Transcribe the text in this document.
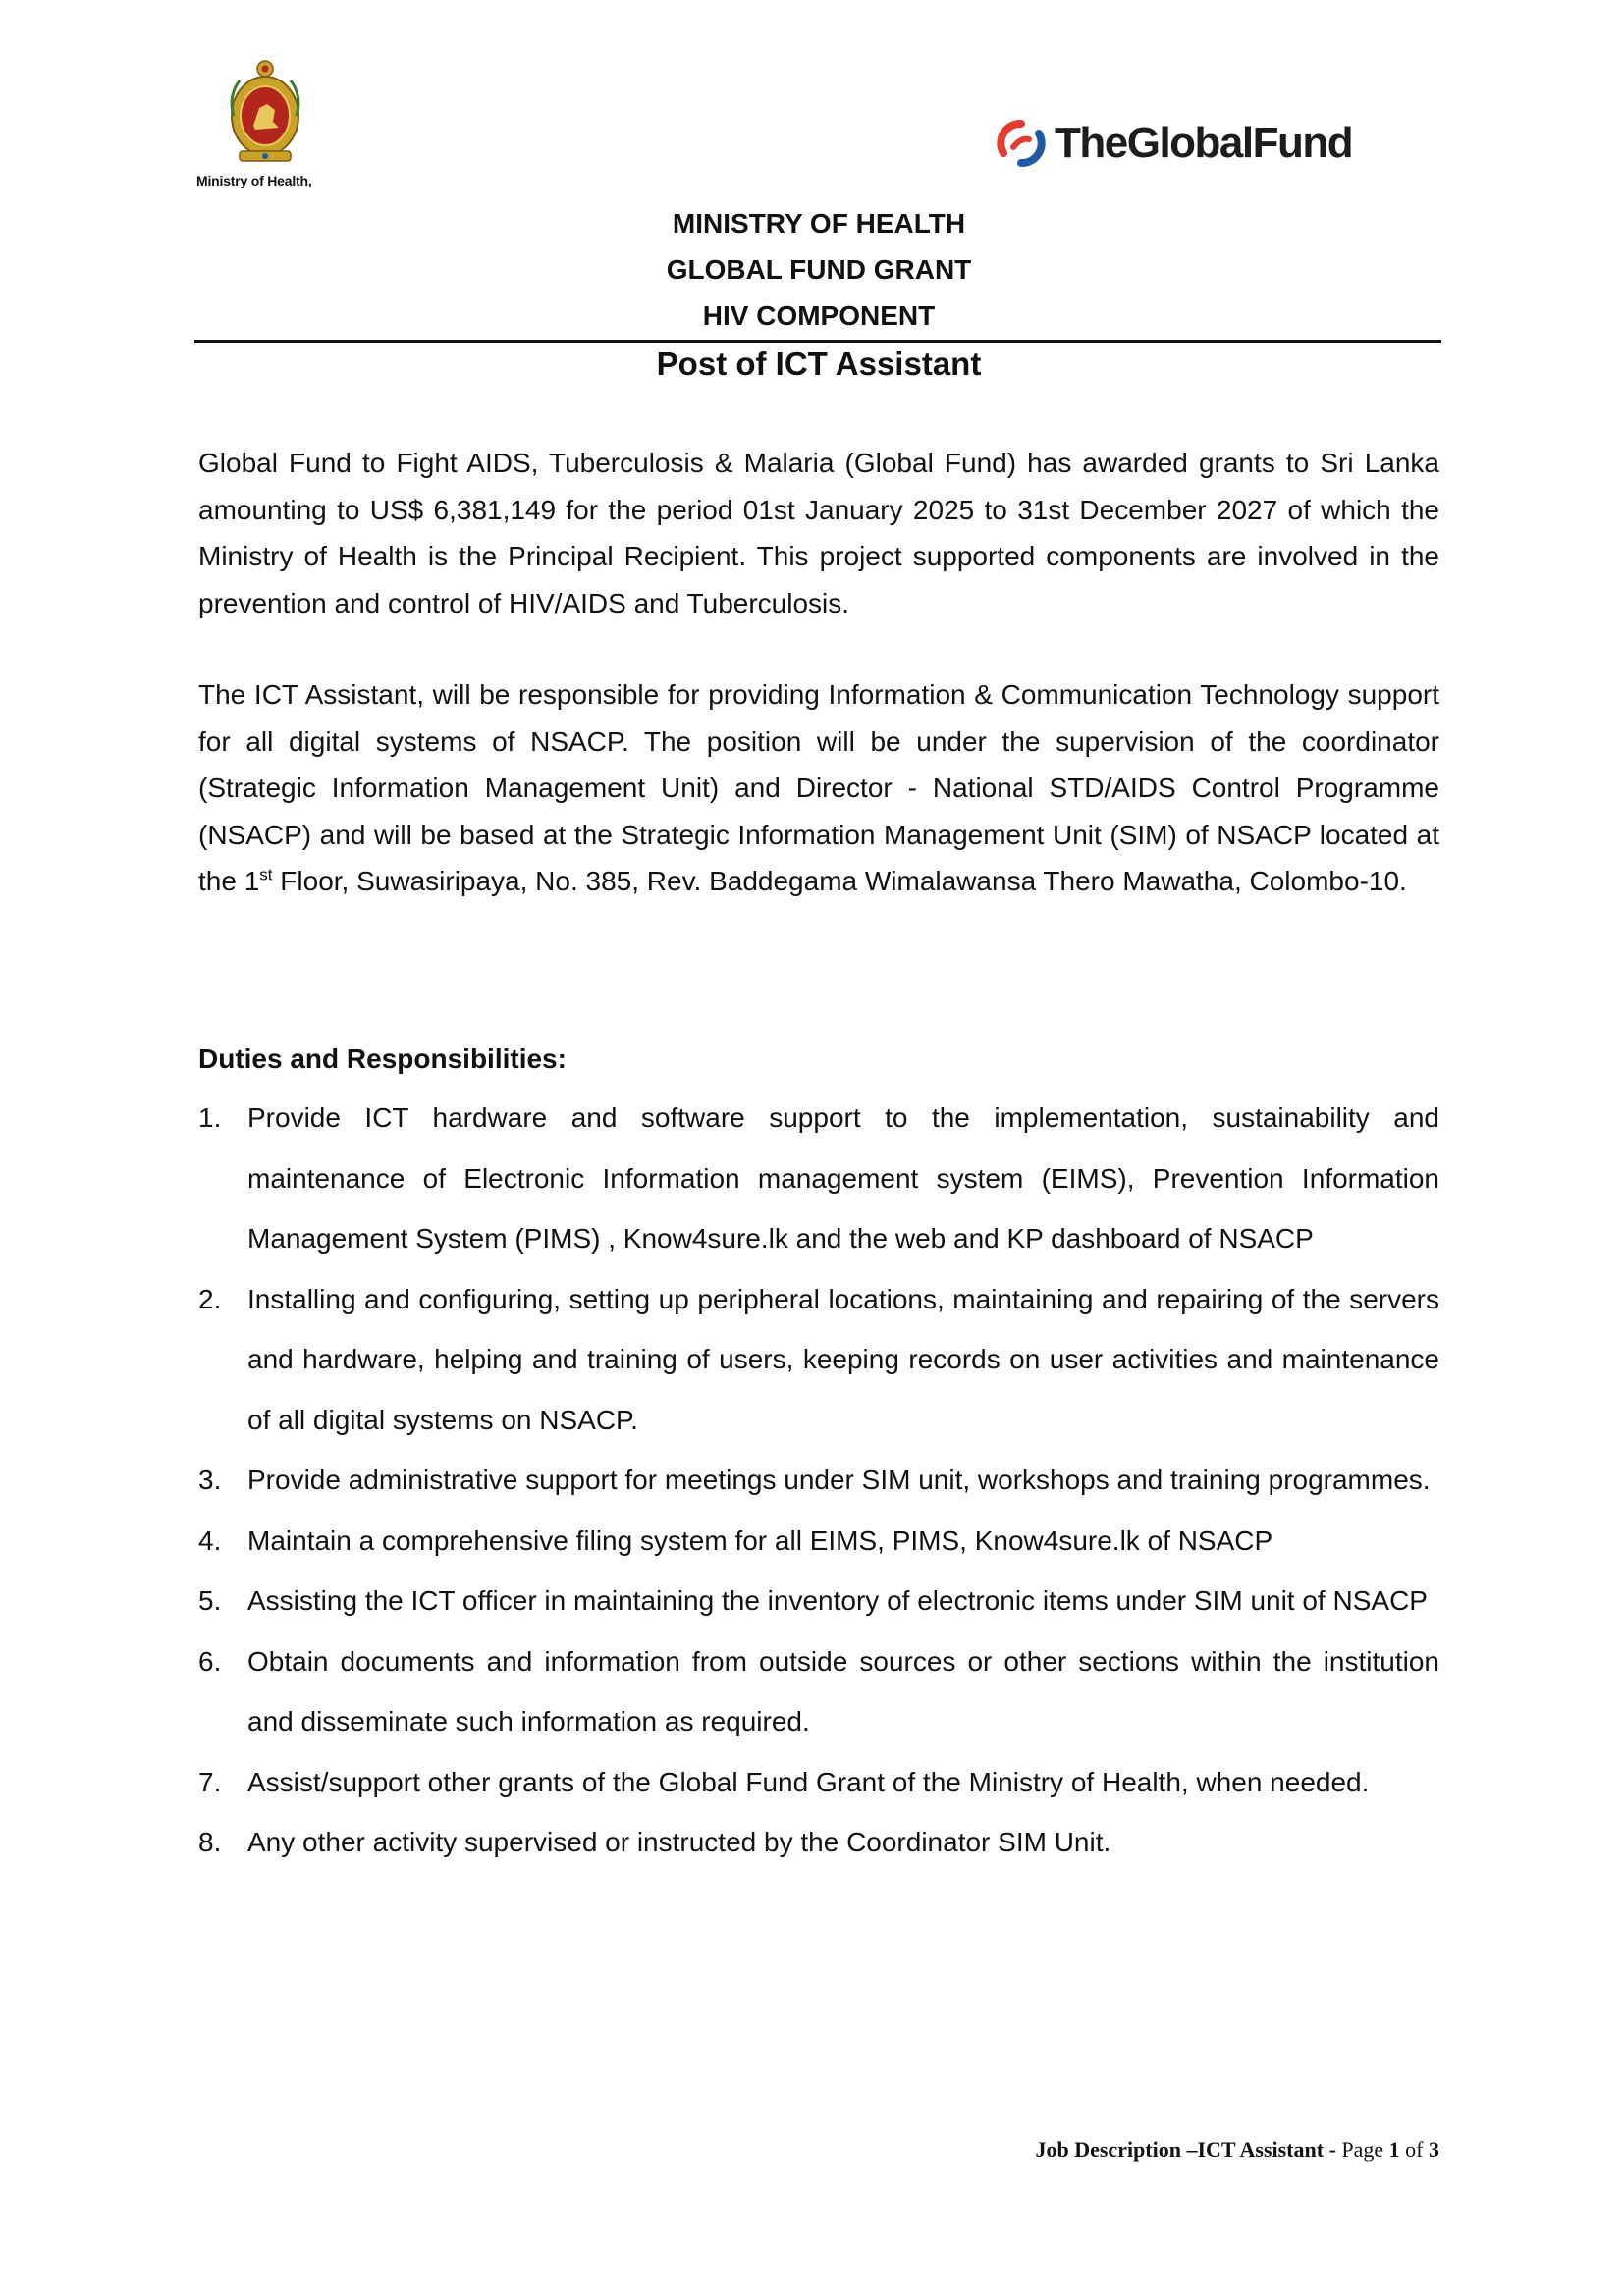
Ministry of Health,
TheGlobalFund
MINISTRY OF HEALTH
GLOBAL FUND GRANT
HIV COMPONENT
Post of ICT Assistant
Global Fund to Fight AIDS, Tuberculosis & Malaria (Global Fund) has awarded grants to Sri Lanka amounting to US$ 6,381,149 for the period 01st January 2025 to 31st December 2027 of which the Ministry of Health is the Principal Recipient. This project supported components are involved in the prevention and control of HIV/AIDS and Tuberculosis.
The ICT Assistant, will be responsible for providing Information & Communication Technology support for all digital systems of NSACP. The position will be under the supervision of the coordinator (Strategic Information Management Unit) and Director - National STD/AIDS Control Programme (NSACP) and will be based at the Strategic Information Management Unit (SIM) of NSACP located at the 1st Floor, Suwasiripaya, No. 385, Rev. Baddegama Wimalawansa Thero Mawatha, Colombo-10.
Duties and Responsibilities:
1. Provide ICT hardware and software support to the implementation, sustainability and maintenance of Electronic Information management system (EIMS), Prevention Information Management System (PIMS) , Know4sure.lk and the web and KP dashboard of NSACP
2. Installing and configuring, setting up peripheral locations, maintaining and repairing of the servers and hardware, helping and training of users, keeping records on user activities and maintenance of all digital systems on NSACP.
3. Provide administrative support for meetings under SIM unit, workshops and training programmes.
4. Maintain a comprehensive filing system for all EIMS, PIMS, Know4sure.lk of NSACP
5. Assisting the ICT officer in maintaining the inventory of electronic items under SIM unit of NSACP
6. Obtain documents and information from outside sources or other sections within the institution and disseminate such information as required.
7. Assist/support other grants of the Global Fund Grant of the Ministry of Health, when needed.
8. Any other activity supervised or instructed by the Coordinator SIM Unit.
Job Description –ICT Assistant - Page 1 of 3
